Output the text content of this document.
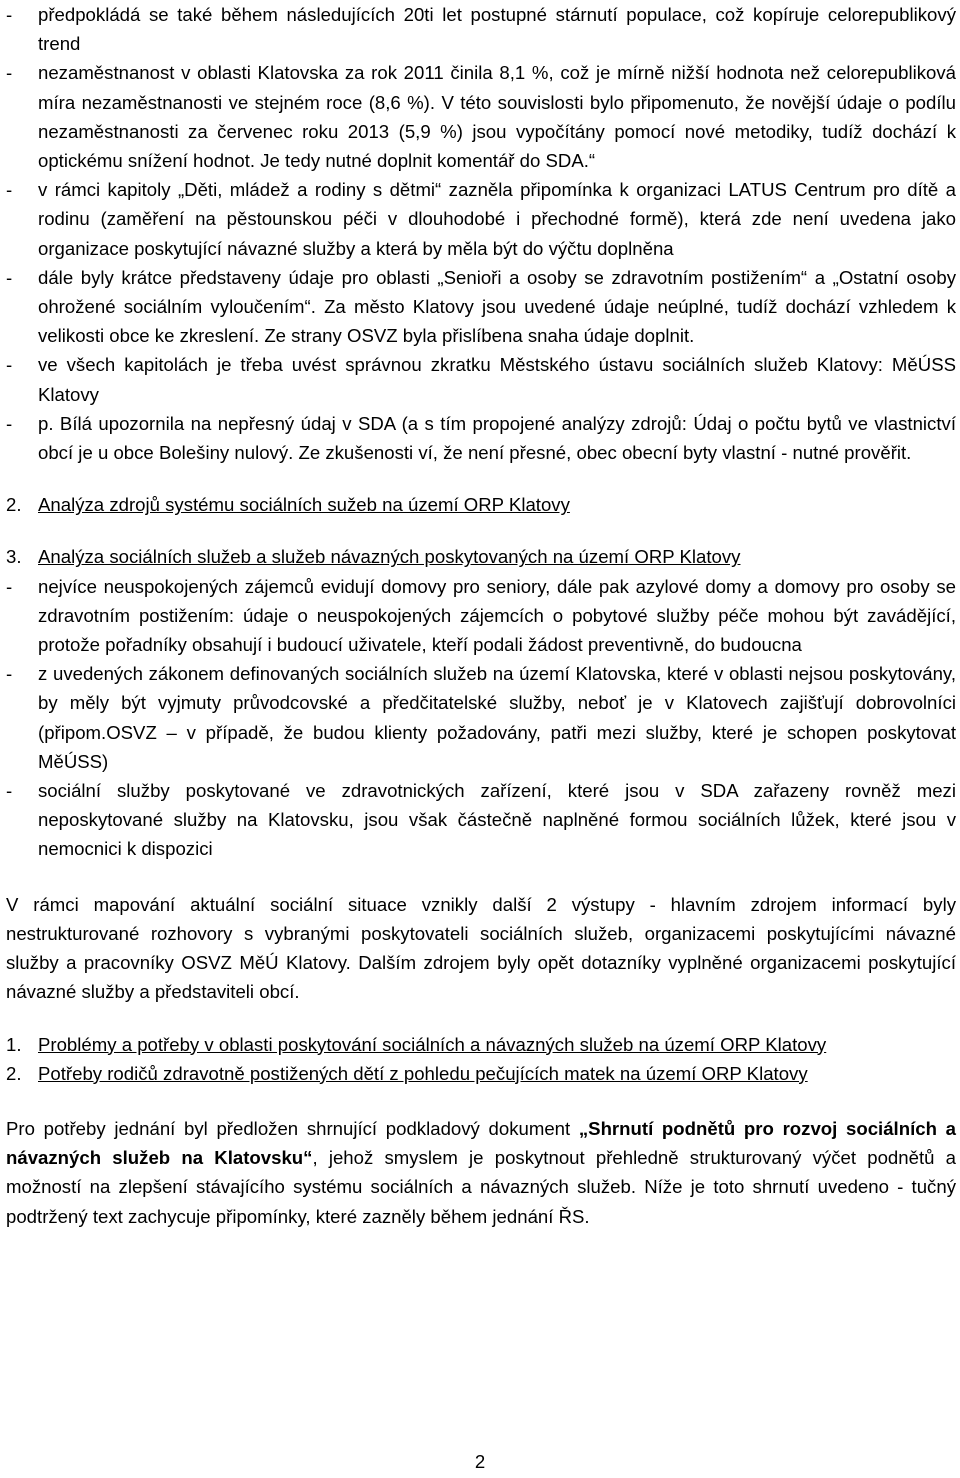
-	předpokládá se také během následujících 20ti let postupné stárnutí populace, což kopíruje celorepublikový trend
-	nezaměstnanost v oblasti Klatovska za rok 2011 činila 8,1 %, což je mírně nižší hodnota než celorepubliková míra nezaměstnanosti ve stejném roce (8,6 %). V této souvislosti bylo připomenuto, že novější údaje o podílu nezaměstnanosti za červenec roku 2013 (5,9 %) jsou vypočítány pomocí nové metodiky, tudíž dochází k optickému snížení hodnot. Je tedy nutné doplnit komentář do SDA.“
-	v rámci kapitoly „Děti, mládež a rodiny s dětmi“ zazněla připomínka k organizaci LATUS Centrum pro dítě a rodinu (zaměření na pěstounskou péči v dlouhodobé i přechodné formě), která zde není uvedena jako organizace poskytující návazné služby a která by měla být do výčtu doplněna
-	dále byly krátce představeny údaje pro oblasti „Senioři a osoby se zdravotním postižením“ a „Ostatní osoby ohrožené sociálním vyloučením“. Za město Klatovy jsou uvedené údaje neúplné, tudíž dochází vzhledem k velikosti obce ke zkreslení. Ze strany OSVZ byla přislíbena snaha údaje doplnit.
-	ve všech kapitolách je třeba uvést správnou zkratku Městského ústavu sociálních služeb Klatovy: MěÚSS Klatovy
-	p. Bílá upozornila na nepřesný údaj v SDA (a s tím propojené analýzy zdrojů: Údaj o počtu bytů ve vlastnictví obcí je u obce Bolešiny nulový. Ze zkušenosti ví, že není přesné, obec obecní byty vlastní - nutné prověřit.
2. Analýza zdrojů systému sociálních sužeb na území ORP Klatovy
3. Analýza sociálních služeb a služeb návazných poskytovaných na území ORP Klatovy
-	nejvíce neuspokojených zájemců evidují domovy pro seniory, dále pak azylové domy a domovy pro osoby se zdravotním postižením: údaje o neuspokojených zájemcích o pobytové služby péče mohou být zavádějící, protože pořadníky obsahují i budoucí uživatele, kteří podali žádost preventivně, do budoucna
-	z uvedených zákonem definovaných sociálních služeb na území Klatovska, které v oblasti nejsou poskytovány, by měly být vyjmuty průvodcovské a předčitatelské služby, neboť je v Klatovech zajišťují dobrovolníci (připom.OSVZ – v případě, že budou klienty požadovány, patři mezi služby, které je schopen poskytovat MěÚSS)
-	sociální služby poskytované ve zdravotnických zařízení, které jsou v SDA zařazeny rovněž mezi neposkytované služby na Klatovsku, jsou však částečně naplněné formou sociálních lůžek, které jsou v nemocnici k dispozici

V rámci mapování aktuální sociální situace vznikly další 2 výstupy - hlavním zdrojem informací byly nestrukturované rozhovory s vybranými poskytovateli sociálních služeb, organizacemi poskytujícími návazné služby a pracovníky OSVZ MěÚ Klatovy. Dalším zdrojem byly opět dotazníky vyplněné organizacemi poskytující návazné služby a představiteli obcí.

1. Problémy a potřeby v oblasti poskytování sociálních a návazných služeb na území ORP Klatovy
2. Potřeby rodičů zdravotně postižených dětí z pohledu pečujících matek na území ORP Klatovy

Pro potřeby jednání byl předložen shrnující podkladový dokument „Shrnutí podnětů pro rozvoj sociálních a návazných služeb na Klatovsku“, jehož smyslem je poskytnout přehledně strukturovaný výčet podnětů a možností na zlepšení stávajícího systému sociálních a návazných služeb. Níže je toto shrnutí uvedeno - tučný podtržený text zachycuje připomínky, které zazněly během jednání ŘS.

2
